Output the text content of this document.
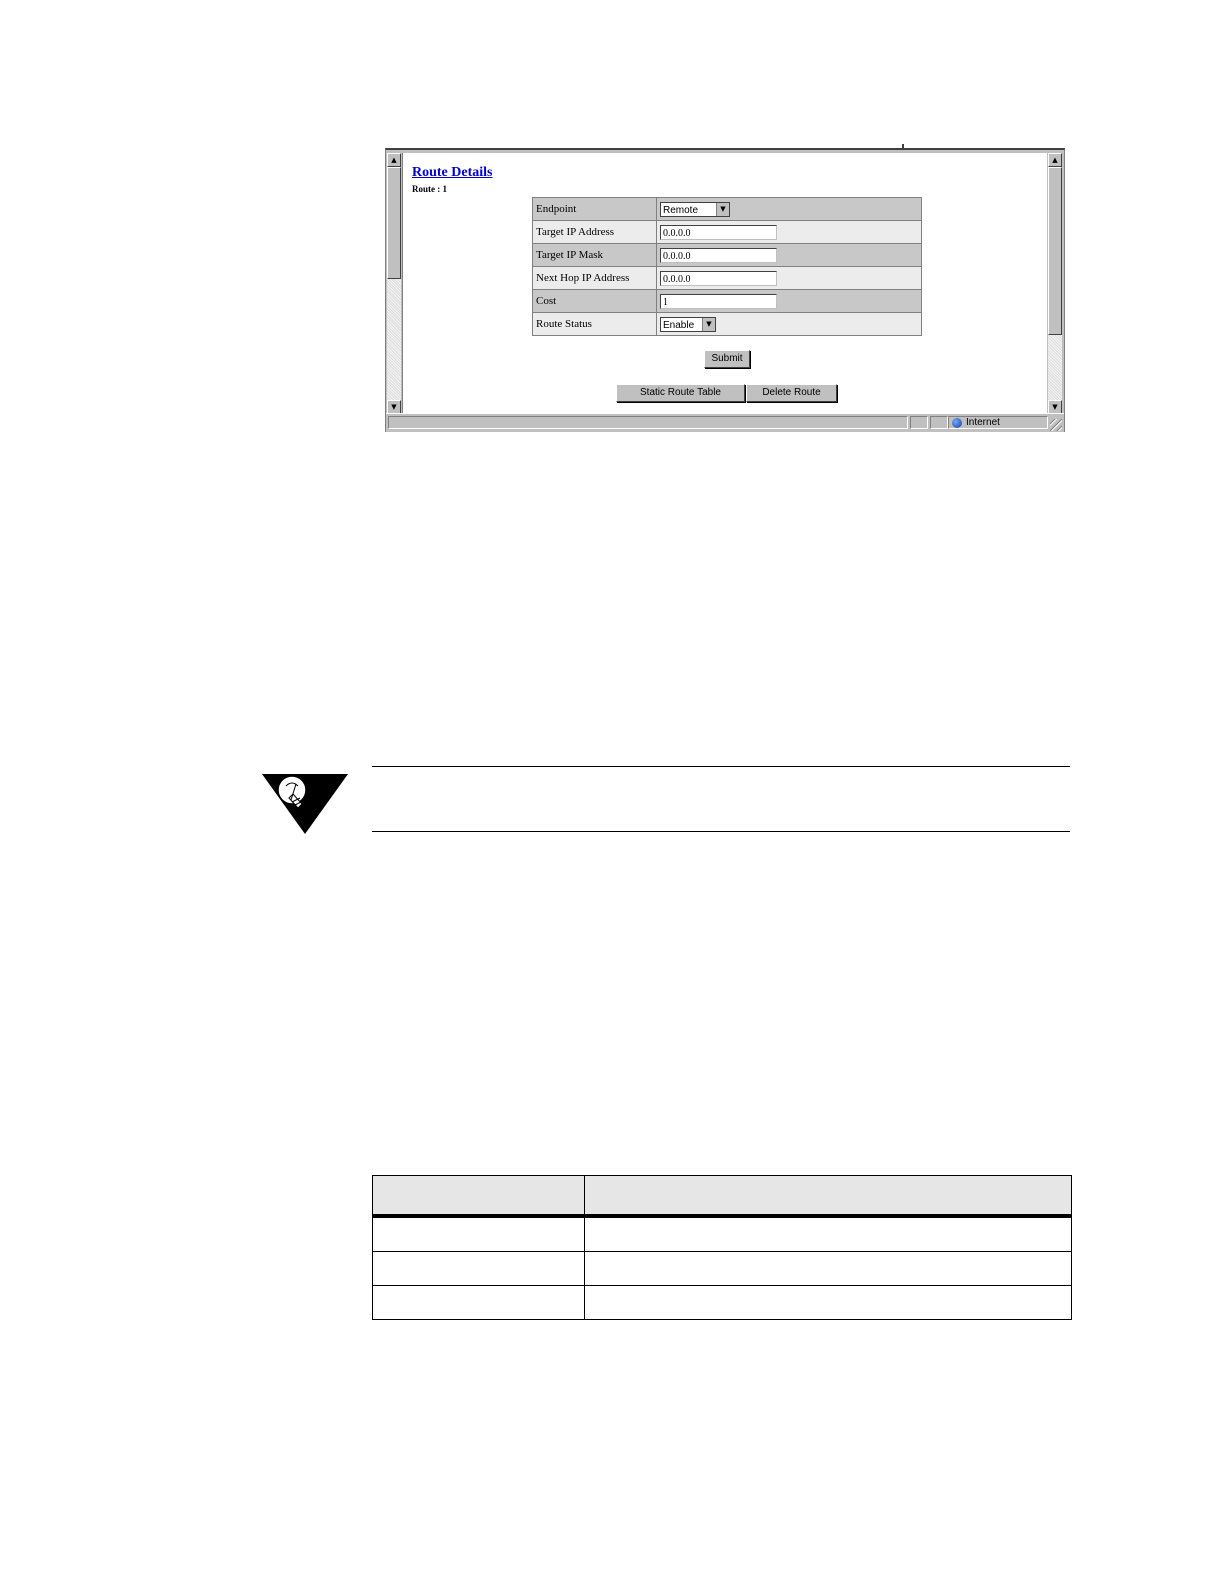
▲
▼
Route Details
Route : 1
Endpoint	Remote ▼

Target IP Address	0.0.0.0
Target IP Mask	0.0.0.0
Next Hop IP Address	0.0.0.0
Cost	1
Route Status	Enable ▼
Submit
Static Route Table	Delete Route
▲
▼
Internet
